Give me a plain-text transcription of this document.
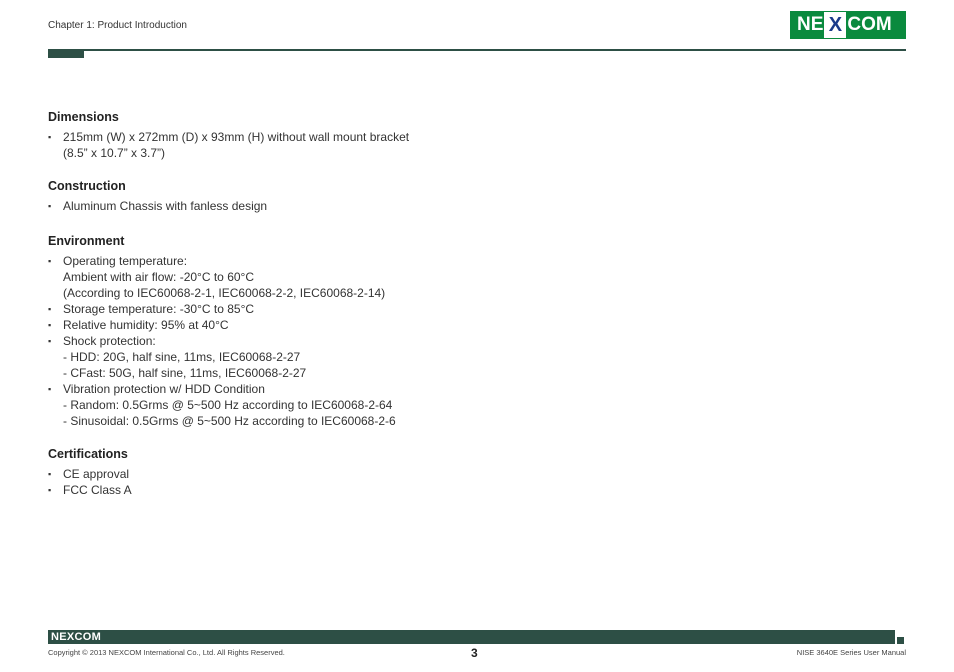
Chapter 1: Product Introduction	NE X COM
Dimensions
▪ 215mm (W) x 272mm (D) x 93mm (H) without wall mount bracket
(8.5” x 10.7” x 3.7”)
Construction
▪ Aluminum Chassis with fanless design
Environment
▪ Operating temperature:
Ambient with air flow: -20°C to 60°C
(According to IEC60068-2-1, IEC60068-2-2, IEC60068-2-14)
▪ Storage temperature: -30°C to 85°C
▪ Relative humidity: 95% at 40°C
▪ Shock protection:
- HDD: 20G, half sine, 11ms, IEC60068-2-27
- CFast: 50G, half sine, 11ms, IEC60068-2-27
▪ Vibration protection w/ HDD Condition
- Random: 0.5Grms @ 5~500 Hz according to IEC60068-2-64
- Sinusoidal: 0.5Grms @ 5~500 Hz according to IEC60068-2-6
Certifications
▪ CE approval
▪ FCC Class A
NEXCOM
Copyright © 2013 NEXCOM International Co., Ltd. All Rights Reserved.	3	NISE 3640E Series User Manual
